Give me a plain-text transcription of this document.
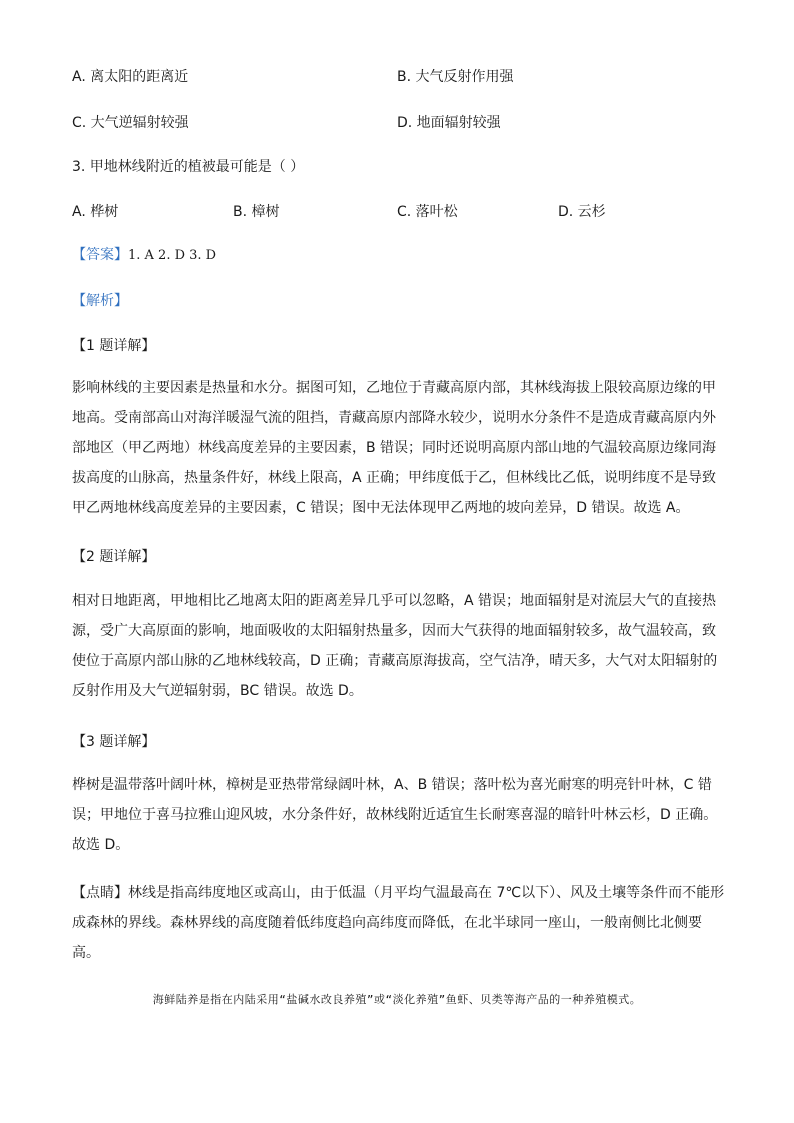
A. 离太阳的距离近	B. 大气反射作用强
C. 大气逆辐射较强	D. 地面辐射较强
3. 甲地林线附近的植被最可能是（ ）
A. 桦树	B. 樟树	C. 落叶松	D. 云杉
【答案】1. A 2. D 3. D
【解析】
【1 题详解】
影响林线的主要因素是热量和水分。据图可知，乙地位于青藏高原内部，其林线海拔上限较高原边缘的甲
地高。受南部高山对海洋暖湿气流的阻挡，青藏高原内部降水较少，说明水分条件不是造成青藏高原内外
部地区（甲乙两地）林线高度差异的主要因素，B 错误；同时还说明高原内部山地的气温较高原边缘同海
拔高度的山脉高，热量条件好，林线上限高，A 正确；甲纬度低于乙，但林线比乙低，说明纬度不是导致
甲乙两地林线高度差异的主要因素，C 错误；图中无法体现甲乙两地的坡向差异，D 错误。故选 A。
【2 题详解】
相对日地距离，甲地相比乙地离太阳的距离差异几乎可以忽略，A 错误；地面辐射是对流层大气的直接热
源，受广大高原面的影响，地面吸收的太阳辐射热量多，因而大气获得的地面辐射较多，故气温较高，致
使位于高原内部山脉的乙地林线较高，D 正确；青藏高原海拔高，空气洁净，晴天多，大气对太阳辐射的
反射作用及大气逆辐射弱，BC 错误。故选 D。
【3 题详解】
桦树是温带落叶阔叶林，樟树是亚热带常绿阔叶林，A、B 错误；落叶松为喜光耐寒的明亮针叶林，C 错
误；甲地位于喜马拉雅山迎风坡，水分条件好，故林线附近适宜生长耐寒喜湿的暗针叶林云杉，D 正确。
故选 D。
【点睛】林线是指高纬度地区或高山，由于低温（月平均气温最高在 7℃以下）、风及土壤等条件而不能形
成森林的界线。森林界线的高度随着低纬度趋向高纬度而降低，在北半球同一座山，一般南侧比北侧要
高。
海鲜陆养是指在内陆采用“盐碱水改良养殖”或“淡化养殖”鱼虾、贝类等海产品的一种养殖模式。
